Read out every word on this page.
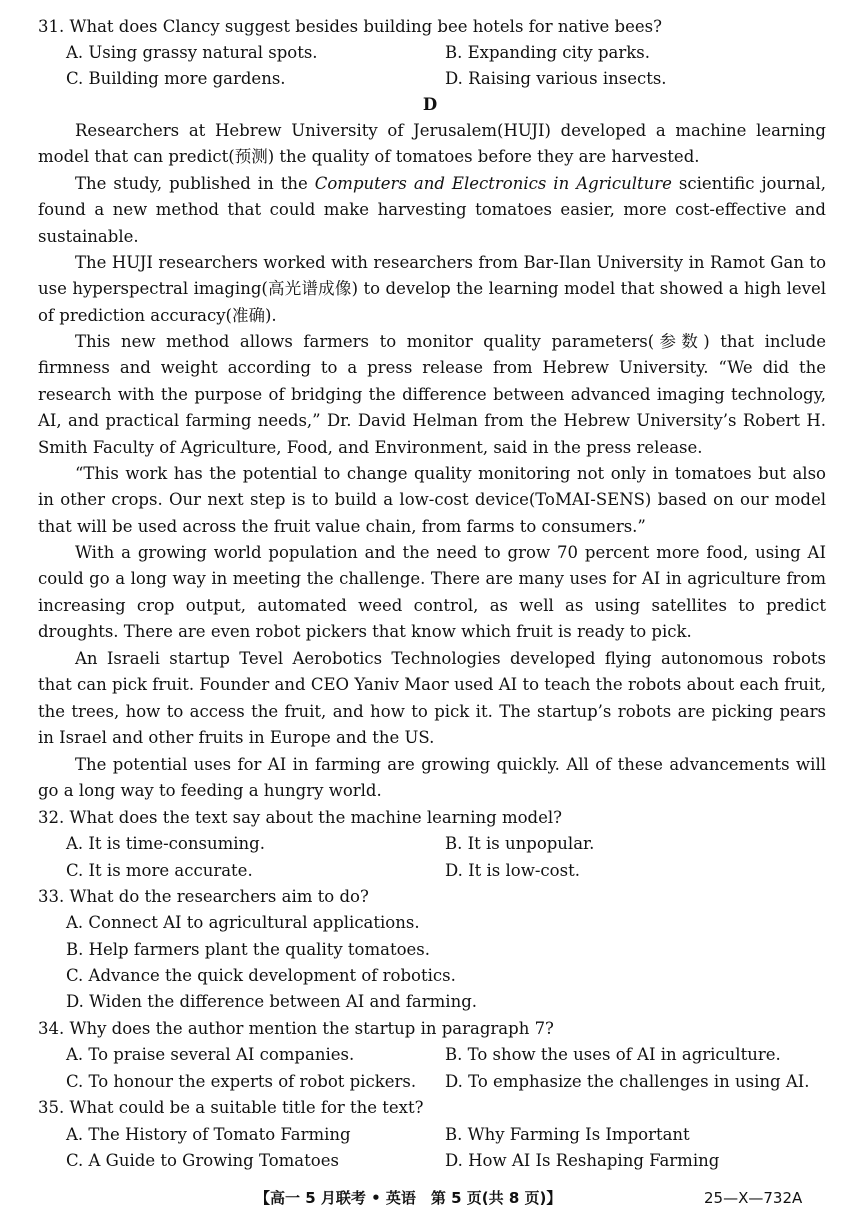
31. What does Clancy suggest besides building bee hotels for native bees?
A. Using grassy natural spots.	B. Expanding city parks.
C. Building more gardens.	D. Raising various insects.
D
Researchers at Hebrew University of Jerusalem(HUJI) developed a machine learning model that can predict(预测) the quality of tomatoes before they are harvested.
The study, published in the Computers and Electronics in Agriculture scientific journal, found a new method that could make harvesting tomatoes easier, more cost-effective and sustainable.
The HUJI researchers worked with researchers from Bar-Ilan University in Ramot Gan to use hyperspectral imaging(高光谱成像) to develop the learning model that showed a high level of prediction accuracy(准确).
This new method allows farmers to monitor quality parameters(参数) that include firmness and weight according to a press release from Hebrew University. “We did the research with the purpose of bridging the difference between advanced imaging technology, AI, and practical farming needs,” Dr. David Helman from the Hebrew University’s Robert H. Smith Faculty of Agriculture, Food, and Environment, said in the press release.
“This work has the potential to change quality monitoring not only in tomatoes but also in other crops. Our next step is to build a low-cost device(ToMAI-SENS) based on our model that will be used across the fruit value chain, from farms to consumers.”
With a growing world population and the need to grow 70 percent more food, using AI could go a long way in meeting the challenge. There are many uses for AI in agriculture from increasing crop output, automated weed control, as well as using satellites to predict droughts. There are even robot pickers that know which fruit is ready to pick.
An Israeli startup Tevel Aerobotics Technologies developed flying autonomous robots that can pick fruit. Founder and CEO Yaniv Maor used AI to teach the robots about each fruit, the trees, how to access the fruit, and how to pick it. The startup’s robots are picking pears in Israel and other fruits in Europe and the US.
The potential uses for AI in farming are growing quickly. All of these advancements will go a long way to feeding a hungry world.
32. What does the text say about the machine learning model?
A. It is time-consuming.	B. It is unpopular.
C. It is more accurate.	D. It is low-cost.
33. What do the researchers aim to do?
A. Connect AI to agricultural applications.
B. Help farmers plant the quality tomatoes.
C. Advance the quick development of robotics.
D. Widen the difference between AI and farming.
34. Why does the author mention the startup in paragraph 7?
A. To praise several AI companies.	B. To show the uses of AI in agriculture.
C. To honour the experts of robot pickers. D. To emphasize the challenges in using AI.
35. What could be a suitable title for the text?
A. The History of Tomato Farming	B. Why Farming Is Important
C. A Guide to Growing Tomatoes	D. How AI Is Reshaping Farming
【高一 5 月联考 • 英语　第 5 页(共 8 页)】	25—X—732A
